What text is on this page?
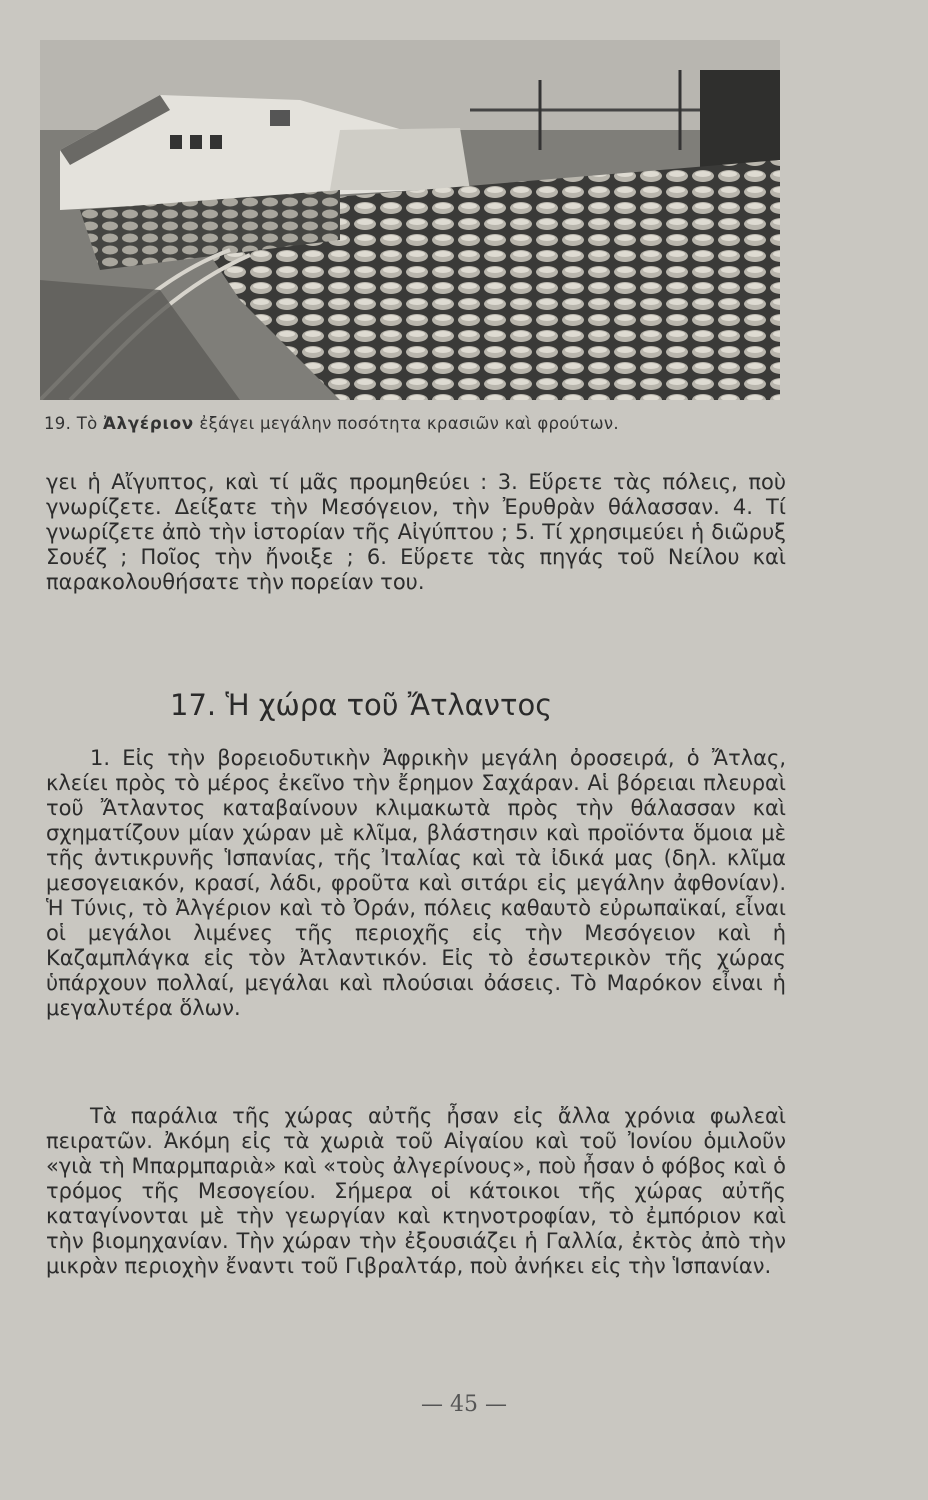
19. Τὸ Ἀλγέριον ἐξάγει μεγάλην ποσότητα κρασιῶν καὶ φρούτων.

γει ἡ Αἴγυπτος, καὶ τί μᾶς προμηθεύει : 3. Εὕρετε τὰς πόλεις, ποὺ γνωρίζετε. Δείξατε τὴν Μεσόγειον, τὴν Ἐρυθρὰν θάλασσαν. 4. Τί γνωρίζετε ἀπὸ τὴν ἱστορίαν τῆς Αἰγύπτου ; 5. Τί χρησιμεύει ἡ διῶρυξ Σουέζ ; Ποῖος τὴν ἤνοιξε ; 6. Εὕρετε τὰς πηγάς τοῦ Νείλου καὶ παρακολουθήσατε τὴν πορείαν του.

17. Ἡ χώρα τοῦ Ἄτλαντος

1. Εἰς τὴν βορειοδυτικὴν Ἀφρικὴν μεγάλη ὀροσειρά, ὁ Ἄτλας, κλείει πρὸς τὸ μέρος ἐκεῖνο τὴν ἔρημον Σαχάραν. Αἱ βόρειαι πλευραὶ τοῦ Ἄτλαντος καταβαίνουν κλιμακωτὰ πρὸς τὴν θάλασσαν καὶ σχηματίζουν μίαν χώραν μὲ κλῖμα, βλάστησιν καὶ προϊόντα ὅμοια μὲ τῆς ἀντικρυνῆς Ἱσπανίας, τῆς Ἰταλίας καὶ τὰ ἰδικά μας (δηλ. κλῖμα μεσογειακόν, κρασί, λάδι, φροῦτα καὶ σιτάρι εἰς μεγάλην ἀφθονίαν). Ἡ Τύνις, τὸ Ἀλγέριον καὶ τὸ Ὀράν, πόλεις καθαυτὸ εὐρωπαϊκαί, εἶναι οἱ μεγάλοι λιμένες τῆς περιοχῆς εἰς τὴν Μεσόγειον καὶ ἡ Καζαμπλάγκα εἰς τὸν Ἀτλαντικόν. Εἰς τὸ ἐσωτερικὸν τῆς χώρας ὑπάρχουν πολλαί, μεγάλαι καὶ πλούσιαι ὀάσεις. Τὸ Μαρόκον εἶναι ἡ μεγαλυτέρα ὅλων.

Τὰ παράλια τῆς χώρας αὐτῆς ἦσαν εἰς ἄλλα χρόνια φωλεαὶ πειρατῶν. Ἀκόμη εἰς τὰ χωριὰ τοῦ Αἰγαίου καὶ τοῦ Ἰονίου ὁμιλοῦν «γιὰ τὴ Μπαρμπαριὰ» καὶ «τοὺς ἀλγερίνους», ποὺ ἦσαν ὁ φόβος καὶ ὁ τρόμος τῆς Μεσογείου. Σήμερα οἱ κάτοικοι τῆς χώρας αὐτῆς καταγίνονται μὲ τὴν γεωργίαν καὶ κτηνοτροφίαν, τὸ ἐμπόριον καὶ τὴν βιομηχανίαν. Τὴν χώραν τὴν ἐξουσιάζει ἡ Γαλλία, ἐκτὸς ἀπὸ τὴν μικρὰν περιοχὴν ἔναντι τοῦ Γιβραλτάρ, ποὺ ἀνήκει εἰς τὴν Ἱσπανίαν.

— 45 —
